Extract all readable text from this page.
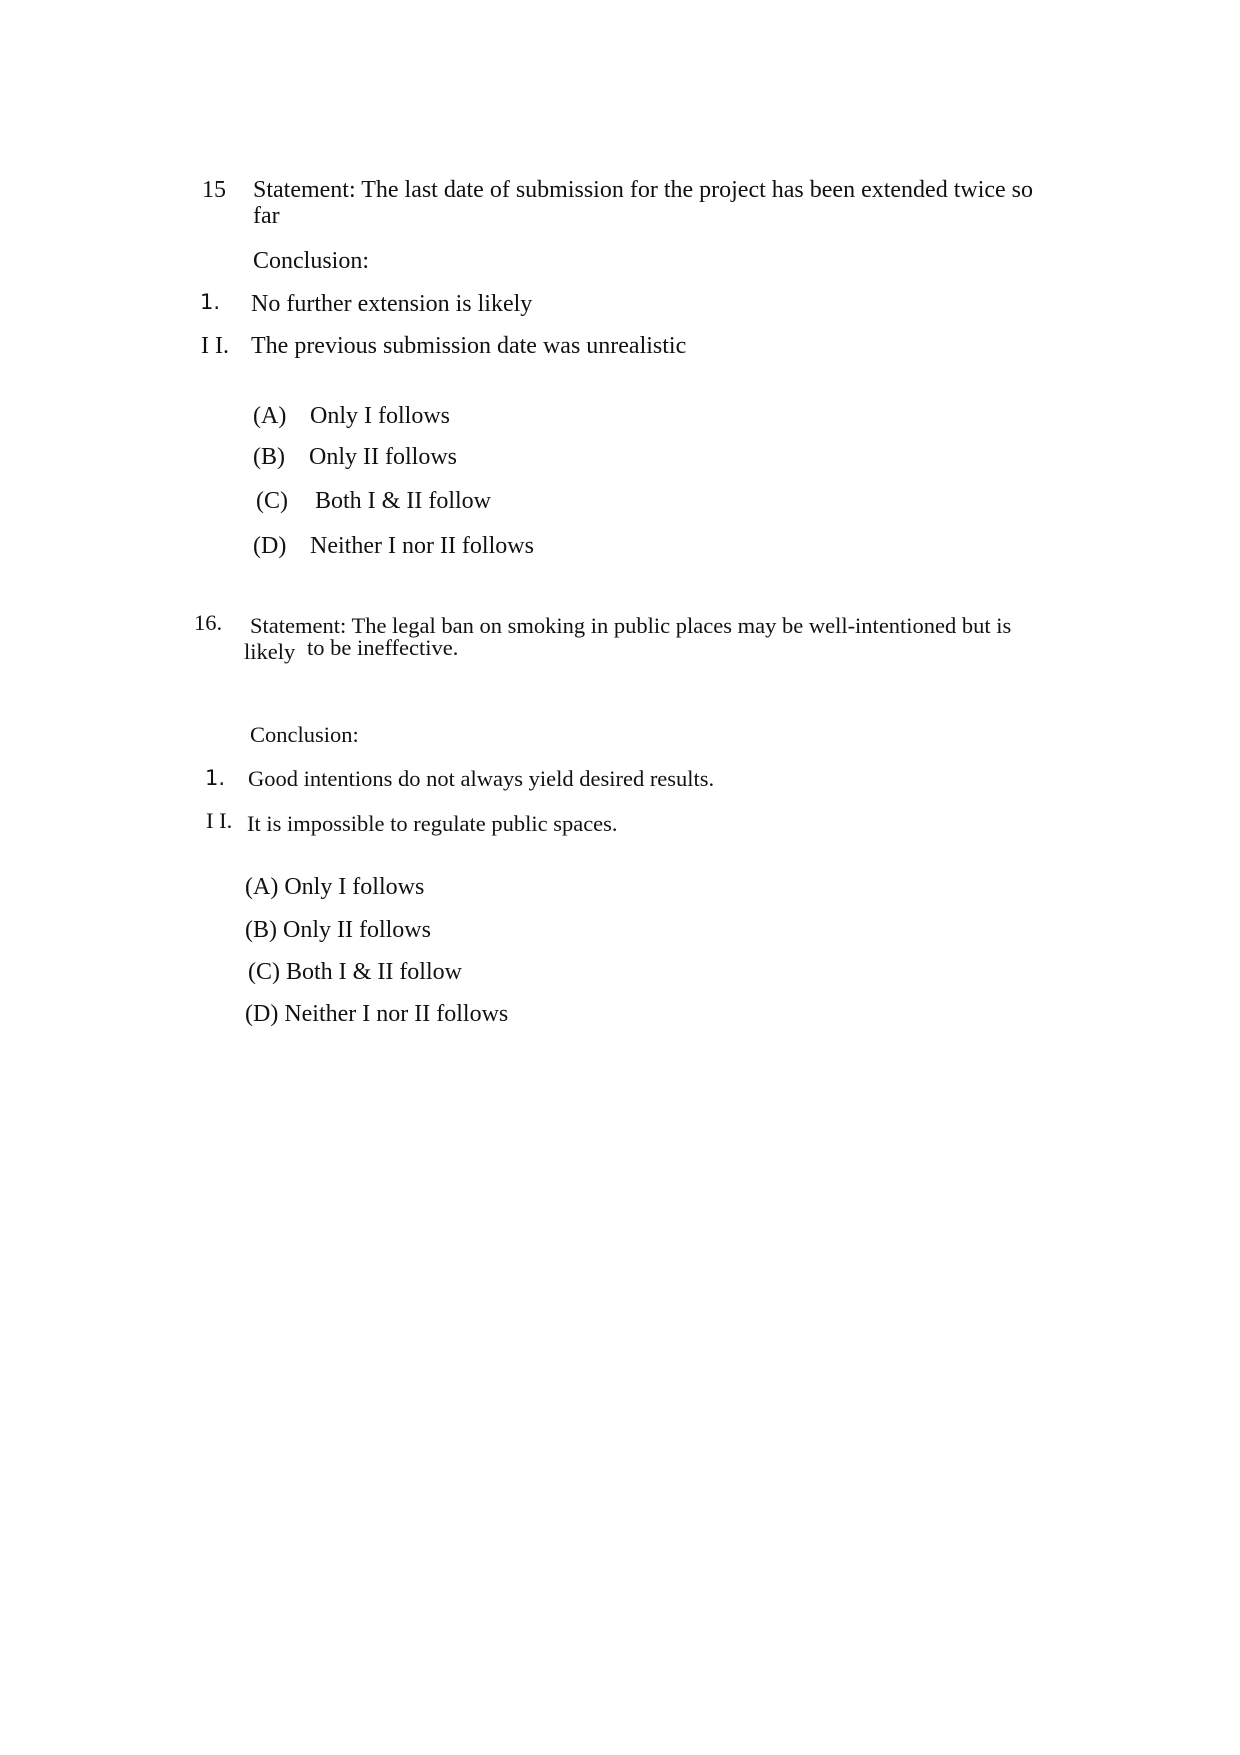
15 Statement: The last date of submission for the project has been extended twice so
far
Conclusion:
1. No further extension is likely
I I. The previous submission date was unrealistic
(A) Only I follows
(B) Only II follows
(C) Both I & II follow
(D) Neither I nor II follows
16. Statement: The legal ban on smoking in public places may be well-intentioned but is
likely to be ineffective.
Conclusion:
1. Good intentions do not always yield desired results.
I I. It is impossible to regulate public spaces.
(A) Only I follows
(B) Only II follows
(C) Both I & II follow
(D) Neither I nor II follows
